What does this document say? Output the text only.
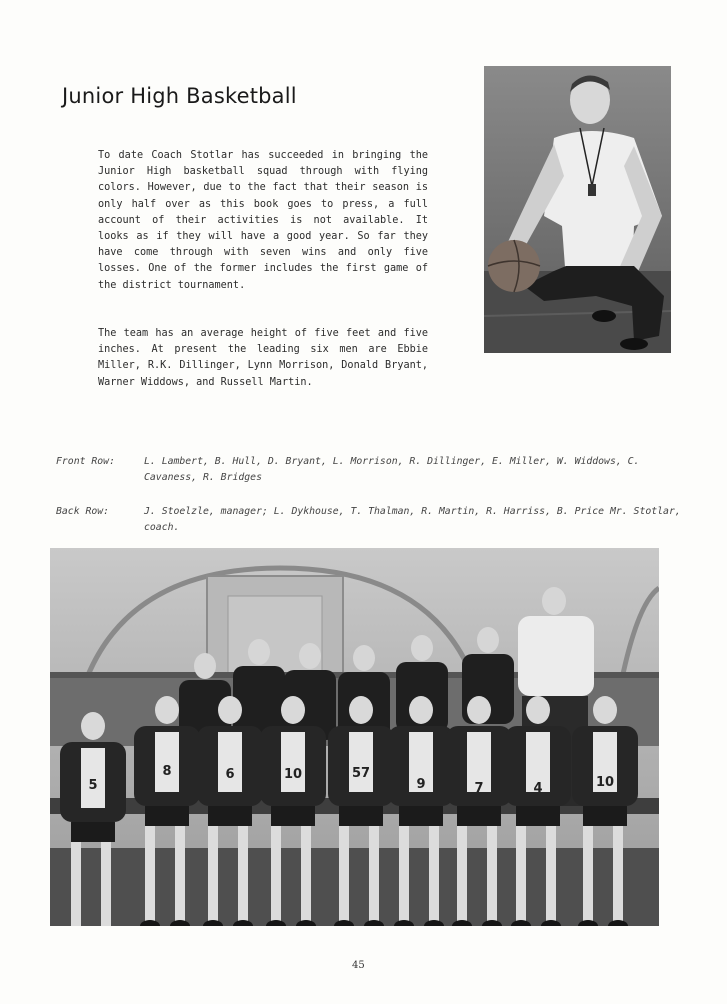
Junior High Basketball

To date Coach Stotlar has succeeded in bringing the Junior High basketball squad through with flying colors. However, due to the fact that their season is only half over as this book goes to press, a full account of their activities is not available. It looks as if they will have a good year. So far they have come through with seven wins and only five losses. One of the former includes the first game of the district tournament.

The team has an average height of five feet and five inches. At present the leading six men are Ebbie Miller, R.K. Dillinger, Lynn Morrison, Donald Bryant, Warner Widdows, and Russell Martin.

Front Row:	L. Lambert, B. Hull, D. Bryant, L. Morrison, R. Dillinger, E. Miller, W. Widdows, C. Cavaness, R. Bridges
Back Row:	J. Stoelzle, manager; L. Dykhouse, T. Thalman, R. Martin, R. Harriss, B. Price Mr. Stotlar, coach.
5
8	6	10	57
9	7	4	10
45
